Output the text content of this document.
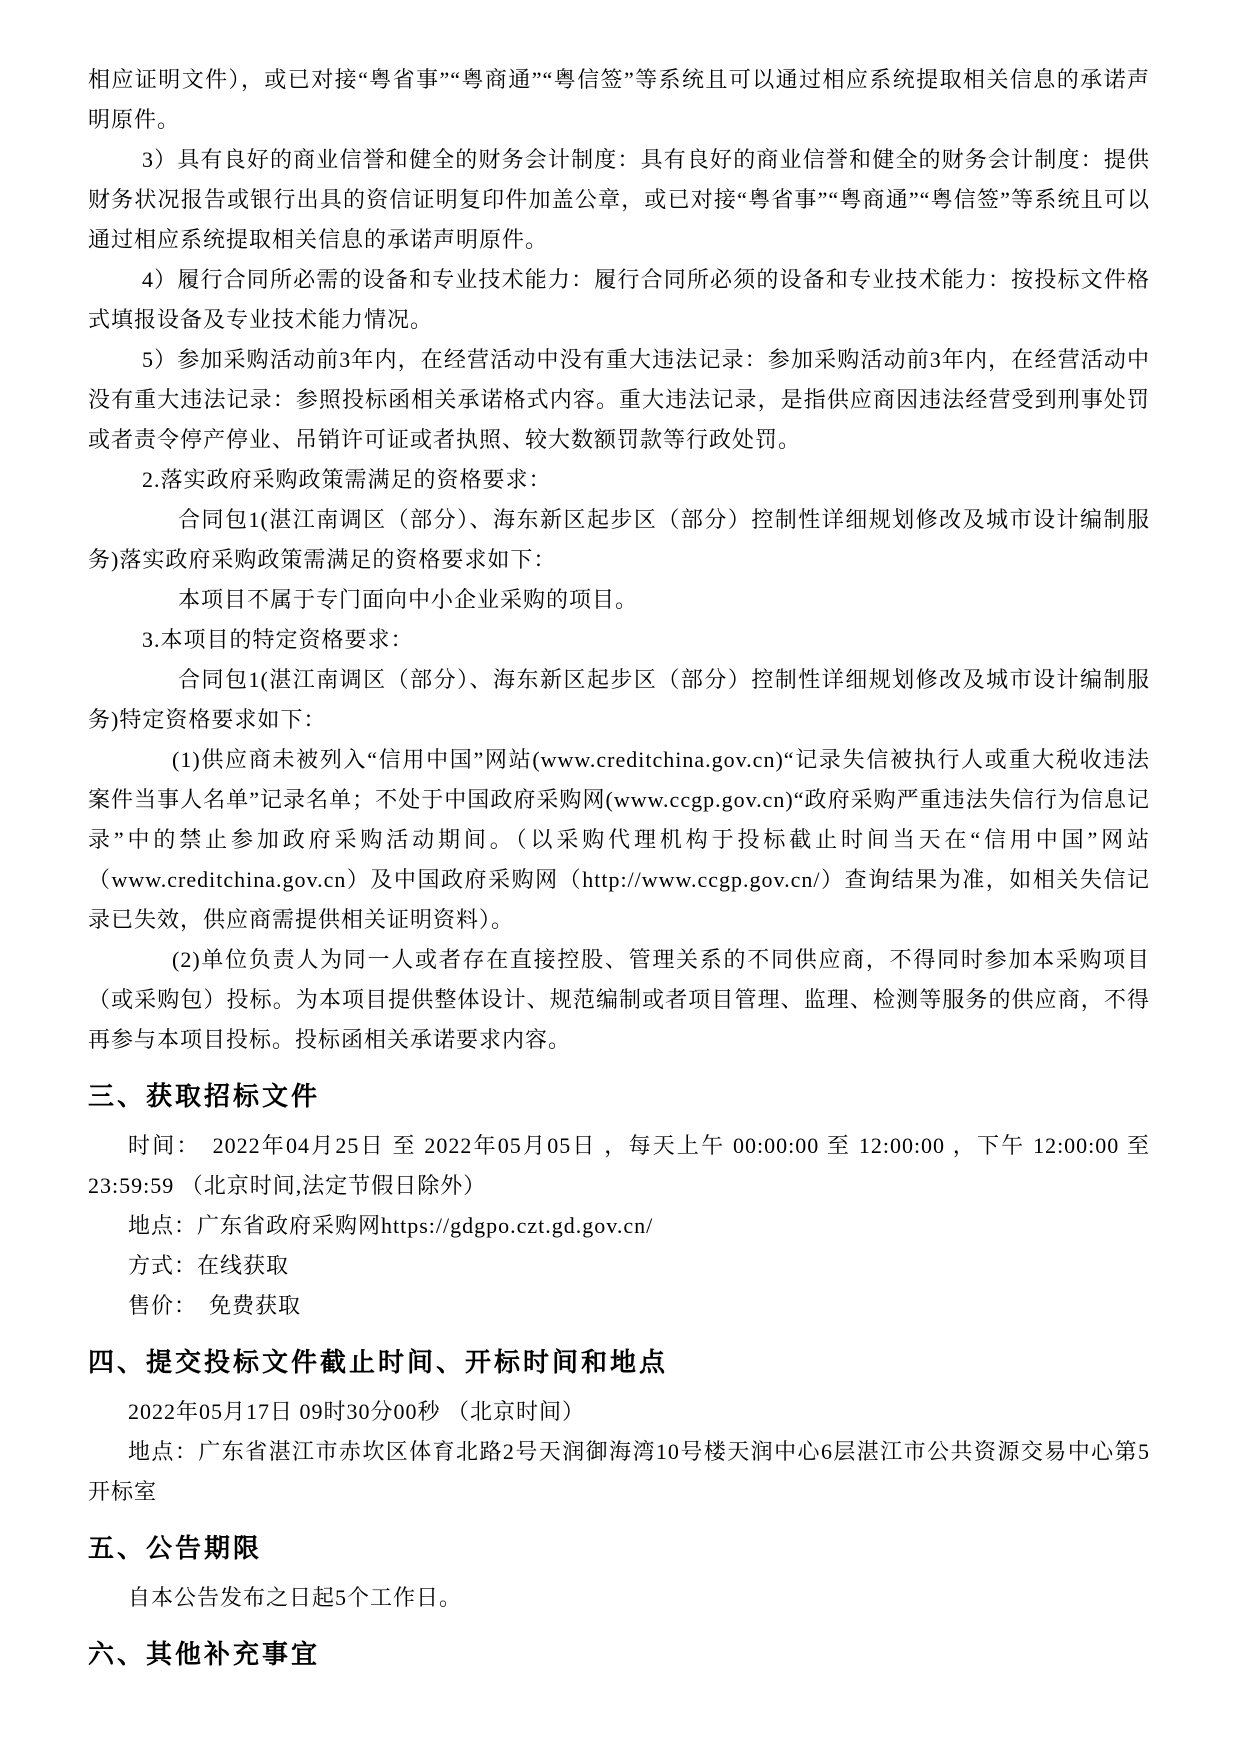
相应证明文件），或已对接“粤省事”“粤商通”“粤信签”等系统且可以通过相应系统提取相关信息的承诺声明原件。

3）具有良好的商业信誉和健全的财务会计制度：具有良好的商业信誉和健全的财务会计制度：提供财务状况报告或银行出具的资信证明复印件加盖公章，或已对接“粤省事”“粤商通”“粤信签”等系统且可以通过相应系统提取相关信息的承诺声明原件。

4）履行合同所必需的设备和专业技术能力：履行合同所必须的设备和专业技术能力：按投标文件格式填报设备及专业技术能力情况。

5）参加采购活动前3年内，在经营活动中没有重大违法记录：参加采购活动前3年内，在经营活动中没有重大违法记录：参照投标函相关承诺格式内容。重大违法记录，是指供应商因违法经营受到刑事处罚或者责令停产停业、吊销许可证或者执照、较大数额罚款等行政处罚。

2.落实政府采购政策需满足的资格要求：

合同包1(湛江南调区（部分）、海东新区起步区（部分）控制性详细规划修改及城市设计编制服务)落实政府采购政策需满足的资格要求如下：

本项目不属于专门面向中小企业采购的项目。

3.本项目的特定资格要求：

合同包1(湛江南调区（部分）、海东新区起步区（部分）控制性详细规划修改及城市设计编制服务)特定资格要求如下：

(1)供应商未被列入“信用中国”网站(www.creditchina.gov.cn)“记录失信被执行人或重大税收违法案件当事人名单”记录名单；不处于中国政府采购网(www.ccgp.gov.cn)“政府采购严重违法失信行为信息记录”中的禁止参加政府采购活动期间。（以采购代理机构于投标截止时间当天在“信用中国”网站（www.creditchina.gov.cn）及中国政府采购网（http://www.ccgp.gov.cn/）查询结果为准，如相关失信记录已失效，供应商需提供相关证明资料）。

(2)单位负责人为同一人或者存在直接控股、管理关系的不同供应商，不得同时参加本采购项目（或采购包）投标。为本项目提供整体设计、规范编制或者项目管理、监理、检测等服务的供应商，不得再参与本项目投标。投标函相关承诺要求内容。

三、获取招标文件

时间： 2022年04月25日 至 2022年05月05日 ，每天上午 00:00:00 至 12:00:00 ，下午 12:00:00 至 23:59:59 （北京时间,法定节假日除外）

地点：广东省政府采购网https://gdgpo.czt.gd.gov.cn/

方式：在线获取

售价： 免费获取

四、提交投标文件截止时间、开标时间和地点

2022年05月17日 09时30分00秒 （北京时间）

地点：广东省湛江市赤坎区体育北路2号天润御海湾10号楼天润中心6层湛江市公共资源交易中心第5开标室

五、公告期限

自本公告发布之日起5个工作日。

六、其他补充事宜
